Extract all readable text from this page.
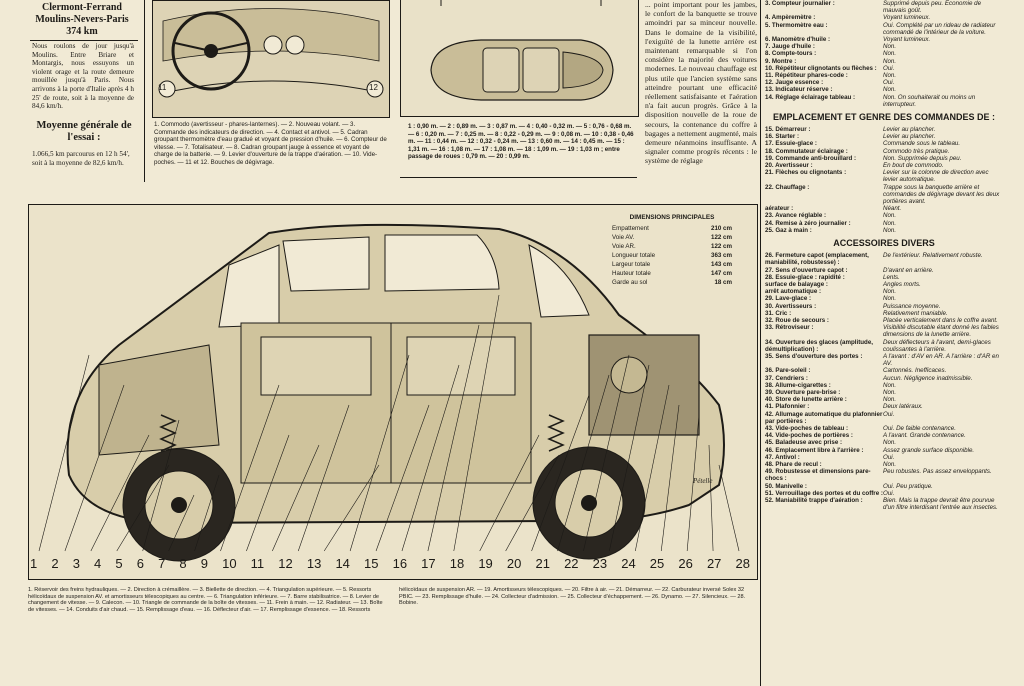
Clermont-Ferrand Moulins-Nevers-Paris 374 km
Nous roulons de jour jusqu'à Moulins. Entre Briare et Montargis, nous essuyons un violent orage et la route demeure mouillée jusqu'à Paris. Nous arrivons à la porte d'Italie après 4 h 25' de route, soit à la moyenne de 84,6 km/h.
Moyenne générale de l'essai :
1.066,5 km parcourus en 12 h 54', soit à la moyenne de 82,6 km/h.
11	12
1. Commodo (avertisseur - phares-lanternes). — 2. Nouveau volant. — 3. Commande des indicateurs de direction. — 4. Contact et antivol. — 5. Cadran groupant thermomètre d'eau gradué et voyant de pression d'huile. — 6. Compteur de vitesse. — 7. Totalisateur. — 8. Cadran groupant jauge à essence et voyant de charge de la batterie. — 9. Levier d'ouverture de la trappe d'aération. — 10. Vide-poches. — 11 et 12. Bouches de dégivrage.
1 : 0,90 m. — 2 : 0,89 m. — 3 : 0,87 m. — 4 : 0,40 - 0,32 m. — 5 : 0,76 - 0,68 m. — 6 : 0,20 m. — 7 : 0,25 m. — 8 : 0,22 - 0,29 m. — 9 : 0,08 m. — 10 : 0,38 - 0,46 m. — 11 : 0,44 m. — 12 : 0,32 - 0,24 m. — 13 : 0,60 m. — 14 : 0,45 m. — 15 : 1,31 m. — 16 : 1,08 m. — 17 : 1,08 m. — 18 : 1,09 m. — 19 : 1,03 m ; entre passage de roues : 0,79 m. — 20 : 0,99 m.
... point important pour les jambes, le confort de la banquette se trouve amoindri par sa minceur nouvelle. Dans le domaine de la visibilité, l'exiguïté de la lunette arrière est maintenant remarquable si l'on considère la majorité des voitures modernes. Le nouveau chauffage est plus utile que l'ancien système sans atteindre pourtant une efficacité réellement satisfaisante et l'aération n'a fait aucun progrès. Grâce à la disposition nouvelle de la roue de secours, la contenance du coffre à bagages a nettement augmenté, mais demeure néanmoins insuffisante. A signaler comme progrès récents : le système de réglage
3. Compteur journalier :	Supprimé depuis peu. Economie de mauvais goût.
4. Ampèremètre :	Voyant lumineux.
5. Thermomètre eau :	Oui. Complété par un rideau de radiateur commandé de l'intérieur de la voiture.
6. Manomètre d'huile :	Voyant lumineux.
7. Jauge d'huile :	Non.
8. Compte-tours :	Non.
9. Montre :	Non.
10. Répétiteur clignotants ou flèches :	Oui.
11. Répétiteur phares-code :	Non.
12. Jauge essence :	Oui.
13. Indicateur réserve :	Non.
14. Réglage éclairage tableau :	Non. On souhaiterait ou moins un interrupteur.
EMPLACEMENT ET GENRE DES COMMANDES DE :
15. Démarreur :	Levier au plancher.
16. Starter :	Levier au plancher.
17. Essuie-glace :	Commande sous le tableau.
18. Commutateur éclairage :	Commodo très pratique.
19. Commande anti-brouillard :	Non. Supprimée depuis peu.
20. Avertisseur :	En bout de commodo.
21. Flèches ou clignotants :	Levier sur la colonne de direction avec levier automatique.
22. Chauffage :	Trappe sous la banquette arrière et commandes de dégivrage devant les deux portières avant.
aérateur :	Néant.
23. Avance réglable :	Non.
24. Remise à zéro journalier :	Non.
25. Gaz à main :	Non.
ACCESSOIRES DIVERS
26. Fermeture capot (emplacement, maniabilité, robustesse) :
De l'extérieur. Relativement robuste.
27. Sens d'ouverture capot :	D'avant en arrière.
28. Essuie-glace : rapidité :	Lents.
surface de balayage :	Angles morts.
arrêt automatique :	Non.
29. Lave-glace :	Non.
30. Avertisseurs :	Puissance moyenne.
31. Cric :	Relativement maniable.
32. Roue de secours :	Placée verticalement dans le coffre avant.
33. Rétroviseur :	Visibilité discutable étant donné les faibles dimensions de la lunette arrière.
34. Ouverture des glaces (amplitude, démultiplication) :
Deux déflecteurs à l'avant, demi-glaces coulissantes à l'arrière.
35. Sens d'ouverture des portes :	A l'avant : d'AV en AR. A l'arrière : d'AR en AV.
36. Pare-soleil :	Cartonnés. Inefficaces.
37. Cendriers :	Aucun. Négligence inadmissible.
38. Allume-cigarettes :	Non.
39. Ouverture pare-brise :	Non.
40. Store de lunette arrière :	Non.
41. Plafonnier :	Deux latéraux.
42. Allumage automatique du plafonnier par portières :
Oui.
43. Vide-poches de tableau :	Oui. De faible contenance.
44. Vide-poches de portières :	A l'avant. Grande contenance.
45. Baladeuse avec prise :	Non.
46. Emplacement libre à l'arrière :	Assez grande surface disponible.
47. Antivol :	Oui.
48. Phare de recul :	Non.
49. Robustesse et dimensions pare-chocs :
Peu robustes. Pas assez enveloppants.
50. Manivelle :	Oui. Peu pratique.
51. Verrouillage des portes et du coffre : Oui.
52. Maniabilité trappe d'aération :	Bien. Mais la trappe devrait être pourvue d'un filtre interdisant l'entrée aux insectes.
Pételle
DIMENSIONS PRINCIPALES
Empattement	210 cm
Voie AV.	122 cm
Voie AR.	122 cm
Longueur totale	363 cm
Largeur totale	143 cm
Hauteur totale	147 cm
Garde au sol	18 cm
1 2 3 4 5 6 7 8 9 10 11 12 13 14 15 16 17 18 19 20 21 22 23 24 25 26 27 28
1. Réservoir des freins hydrauliques. — 2. Direction à crémaillère. — 3. Biellette de direction. — 4. Triangulation supérieure. — 5. Ressorts hélicoïdaux de suspension AV. et amortisseurs télescopiques au centre. — 6. Triangulation inférieure. — 7. Barre stabilisatrice. — 8. Levier de changement de vitesse. — 9. Calecon. — 10. Triangle de commande de la boîte de vitesses. — 11. Frein à main. — 12. Radiateur. — 13. Boîte de vitesses. — 14. Conduits d'air chaud. — 15. Remplissage d'eau. — 16. Déflecteur d'air. — 17. Remplissage d'essence. — 18. Ressorts hélicoïdaux de suspension AR. — 19. Amortisseurs télescopiques. — 20. Filtre à air. — 21. Démarreur. — 22. Carburateur inversé Solex 32 PBIC. — 23. Remplissage d'huile. — 24. Collecteur d'admission. — 25. Collecteur d'échappement. — 26. Dynamo. — 27. Silencieux. — 28. Bobine.
